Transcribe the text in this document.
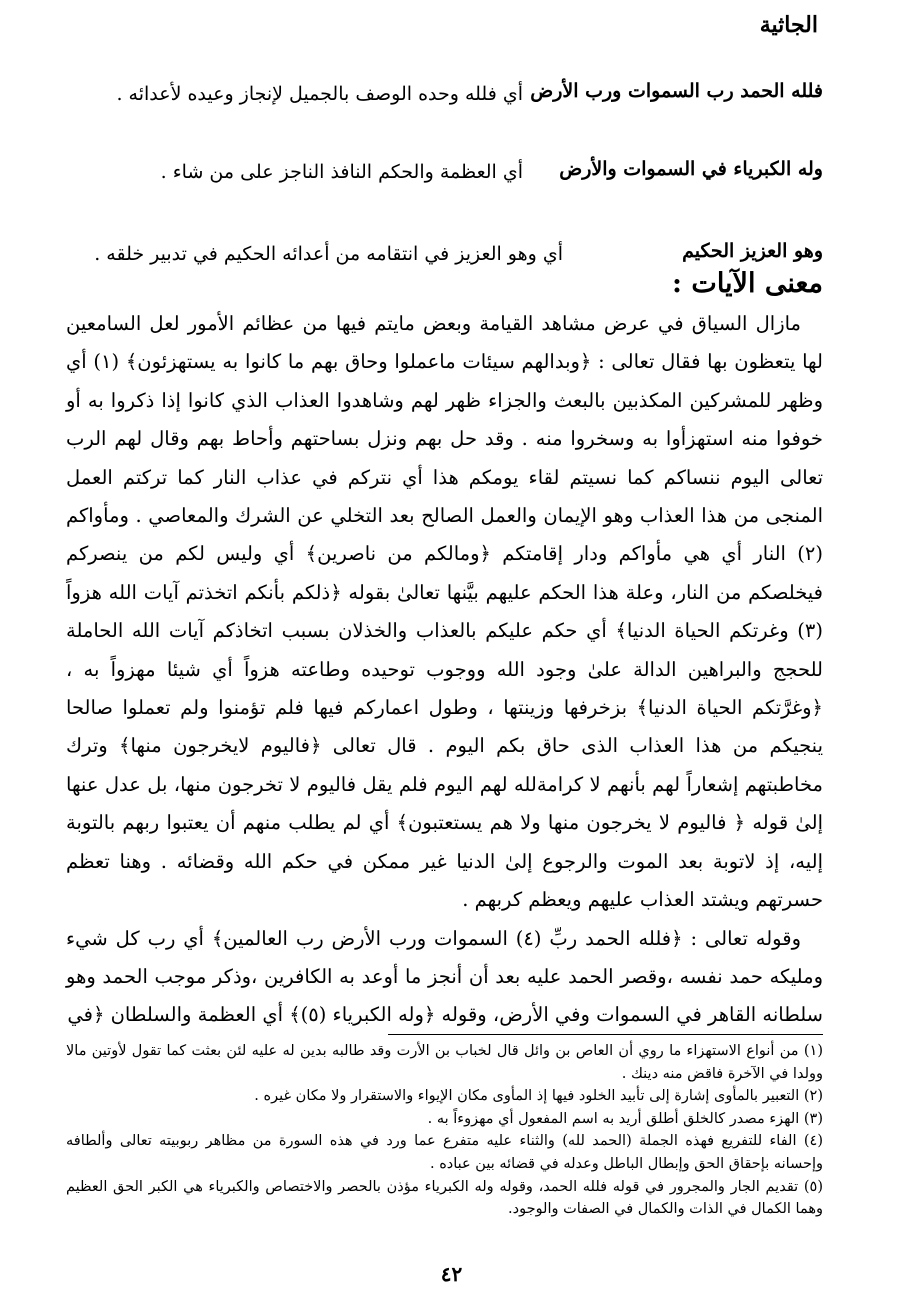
الجاثية
فلله الحمد رب السموات ورب الأرض
أي فلله وحده الوصف بالجميل لإنجاز وعيده لأعدائه .
وله الكبرياء في السموات والأرض
أي العظمة والحكم النافذ الناجز على من شاء .
وهو العزيز الحكيم
أي وهو العزيز في انتقامه من أعدائه الحكيم في تدبير خلقه .
معنى الآيات :

مازال السياق في عرض مشاهد القيامة وبعض مايتم فيها من عظائم الأمور لعل السامعين لها يتعظون بها فقال تعالى : ﴿وبدالهم سيئات ماعملوا وحاق بهم ما كانوا به يستهزئون﴾ (١) أي وظهر للمشركين المكذبين بالبعث والجزاء ظهر لهم وشاهدوا العذاب الذي كانوا إذا ذكروا به أو خوفوا منه استهزأوا به وسخروا منه . وقد حل بهم ونزل بساحتهم وأحاط بهم وقال لهم الرب تعالى اليوم ننساكم كما نسيتم لقاء يومكم هذا أي نتركم في عذاب النار كما تركتم العمل المنجى من هذا العذاب وهو الإيمان والعمل الصالح بعد التخلي عن الشرك والمعاصي . ومأواكم (٢) النار أي هي مأواكم ودار إقامتكم ﴿ومالكم من ناصرين﴾ أي وليس لكم من ينصركم فيخلصكم من النار، وعلة هذا الحكم عليهم بيَّنها تعالىٰ بقوله ﴿ذلكم بأنكم اتخذتم آيات الله هزواً (٣) وغرتكم الحياة الدنيا﴾ أي حكم عليكم بالعذاب والخذلان بسبب اتخاذكم آيات الله الحاملة للحجج والبراهين الدالة علىٰ وجود الله ووجوب توحيده وطاعته هزواً أي شيئا مهزواً به ، ﴿وغرَّتكم الحياة الدنيا﴾ بزخرفها وزينتها ، وطول اعماركم فيها فلم تؤمنوا ولم تعملوا صالحا ينجيكم من هذا العذاب الذى حاق بكم اليوم . قال تعالى ﴿فاليوم لايخرجون منها﴾ وترك مخاطبتهم إشعاراً لهم بأنهم لا كرامةلله لهم اليوم فلم يقل فاليوم لا تخرجون منها، بل عدل عنها إلىٰ قوله ﴿ فاليوم لا يخرجون منها ولا هم يستعتبون﴾ أي لم يطلب منهم أن يعتبوا ربهم بالتوبة إليه، إذ لاتوبة بعد الموت والرجوع إلىٰ الدنيا غير ممكن في حكم الله وقضائه . وهنا تعظم حسرتهم ويشتد العذاب عليهم ويعظم كربهم .

وقوله تعالى : ﴿فلله الحمد ربِّ (٤) السموات ورب الأرض رب العالمين﴾ أي رب كل شيء ومليكه حمد نفسه ،وقصر الحمد عليه بعد أن أنجز ما أوعد به الكافرين ،وذكر موجب الحمد وهو سلطانه القاهر في السموات وفي الأرض، وقوله ﴿وله الكبرياء (٥)﴾ أي العظمة والسلطان ﴿في

(١) من أنواع الاستهزاء ما روي أن العاص بن وائل قال لخباب بن الأرت وقد طالبه بدين له عليه لئن بعثت كما تقول لأوتين مالا وولدا في الآخرة فاقض منه دينك .

(٢) التعبير بالمأوى إشارة إلى تأبيد الخلود فيها إذ المأوى مكان الإيواء والاستقرار ولا مكان غيره .

(٣) الهزء مصدر كالخلق أطلق أريد به اسم المفعول أي مهزوءاً به .

(٤) الفاء للتفريع فهذه الجملة (الحمد لله) والثناء عليه متفرع عما ورد في هذه السورة من مظاهر ربوبيته تعالى وألطافه وإحسانه بإحقاق الحق وإبطال الباطل وعدله في قضائه بين عباده .

(٥) تقديم الجار والمجرور في قوله فلله الحمد، وقوله وله الكبرياء مؤذن بالحصر والاختصاص والكبرياء هي الكبر الحق العظيم وهما الكمال في الذات والكمال في الصفات والوجود.

٤٢
